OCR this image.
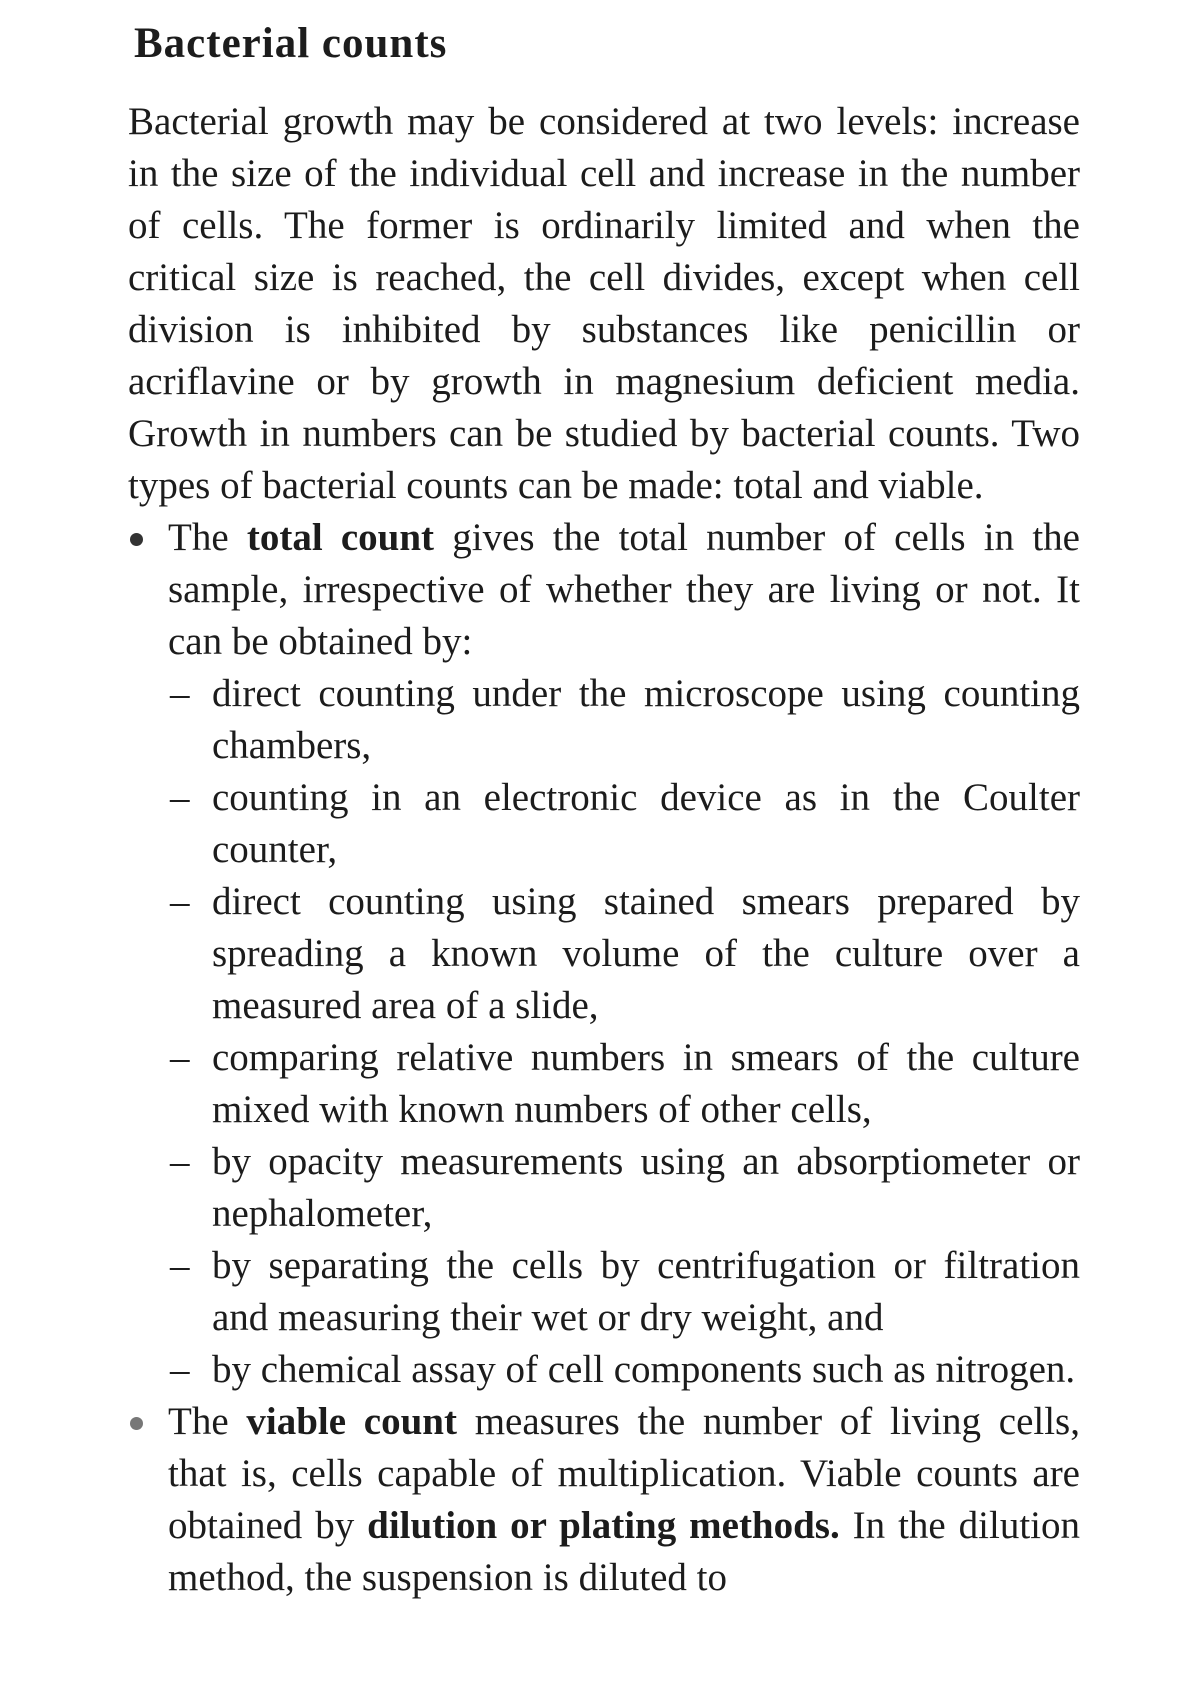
Bacterial counts

Bacterial growth may be considered at two levels: increase in the size of the individual cell and increase in the number of cells. The former is ordinarily limited and when the critical size is reached, the cell divides, except when cell division is inhibited by substances like penicillin or acriflavine or by growth in magnesium deficient media. Growth in numbers can be studied by bacterial counts. Two types of bacterial counts can be made: total and viable.

The total count gives the total number of cells in the sample, irrespective of whether they are living or not. It can be obtained by:
– direct counting under the microscope using counting chambers,
– counting in an electronic device as in the Coulter counter,
– direct counting using stained smears prepared by spreading a known volume of the culture over a measured area of a slide,
– comparing relative numbers in smears of the culture mixed with known numbers of other cells,
– by opacity measurements using an absorptiometer or nephalometer,
– by separating the cells by centrifugation or filtration and measuring their wet or dry weight, and
– by chemical assay of cell components such as nitrogen.
The viable count measures the number of living cells, that is, cells capable of multiplication. Viable counts are obtained by dilution or plating methods. In the dilution method, the suspension is diluted to
